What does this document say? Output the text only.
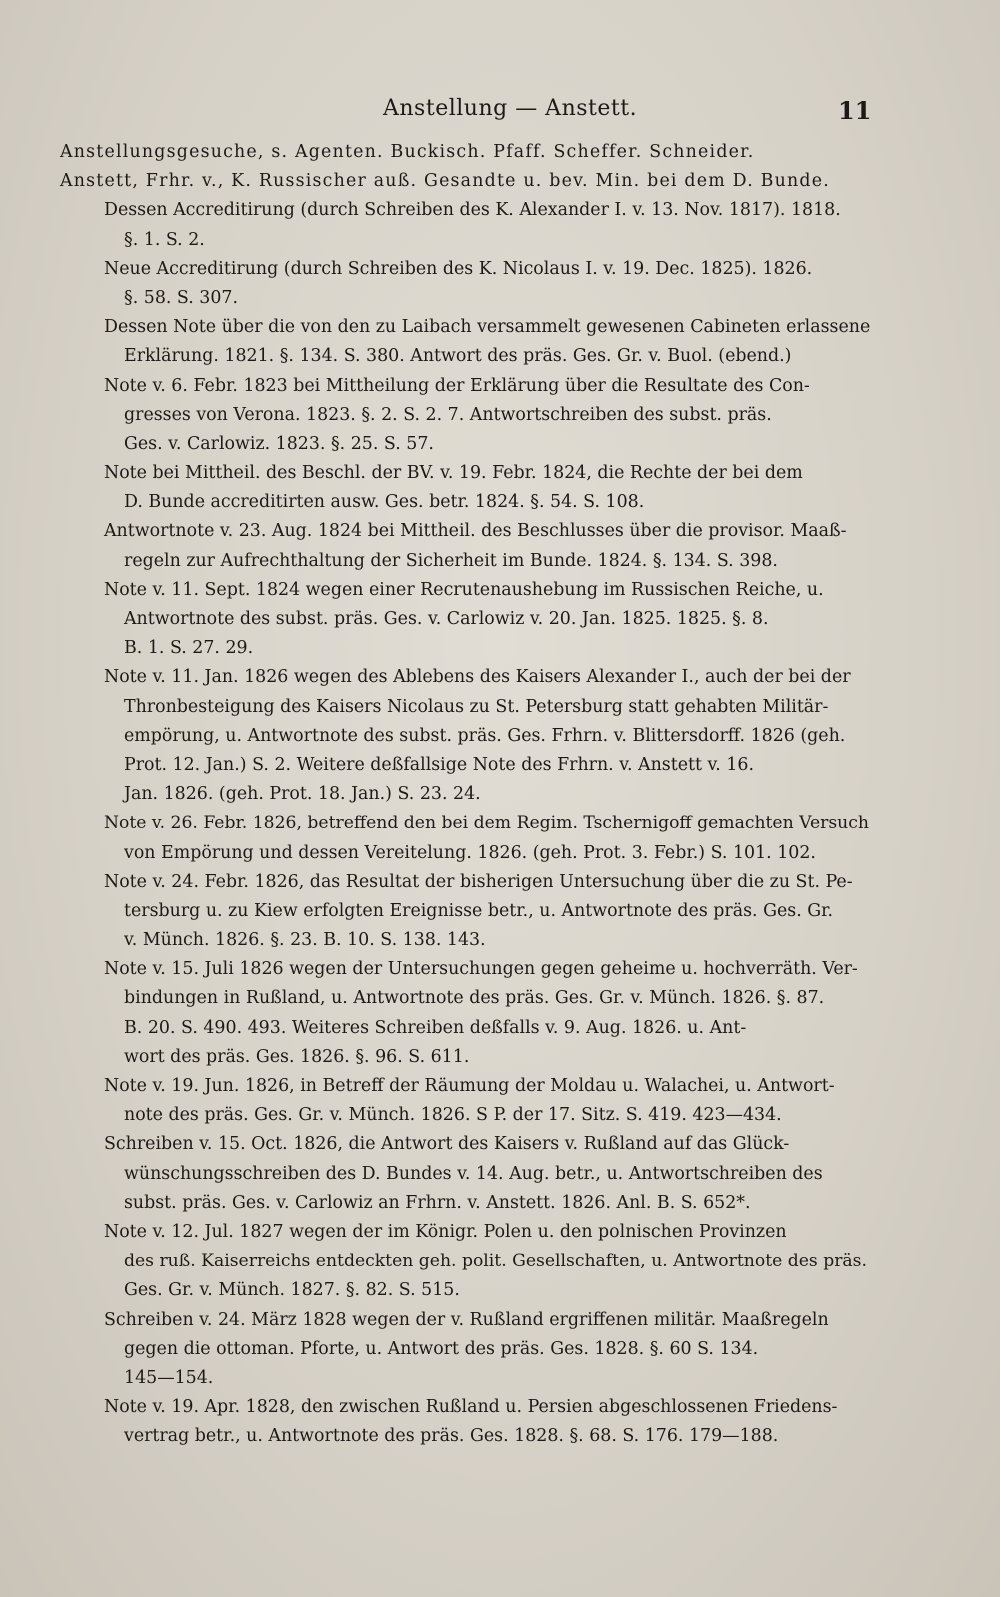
Anstellung — Anstett.	11
Anstellungsgesuche, s. Agenten. Buckisch. Pfaff. Scheffer. Schneider.
Anstett, Frhr. v., K. Russischer auß. Gesandte u. bev. Min. bei dem D. Bunde.
Dessen Accreditirung (durch Schreiben des K. Alexander I. v. 13. Nov. 1817). 1818.
§. 1. S. 2.
Neue Accreditirung (durch Schreiben des K. Nicolaus I. v. 19. Dec. 1825). 1826.
§. 58. S. 307.
Dessen Note über die von den zu Laibach versammelt gewesenen Cabineten erlassene
Erklärung. 1821. §. 134. S. 380. Antwort des präs. Ges. Gr. v. Buol. (ebend.)
Note v. 6. Febr. 1823 bei Mittheilung der Erklärung über die Resultate des Con-
gresses von Verona. 1823. §. 2. S. 2. 7. Antwortschreiben des subst. präs.
Ges. v. Carlowiz. 1823. §. 25. S. 57.
Note bei Mittheil. des Beschl. der BV. v. 19. Febr. 1824, die Rechte der bei dem
D. Bunde accreditirten ausw. Ges. betr. 1824. §. 54. S. 108.
Antwortnote v. 23. Aug. 1824 bei Mittheil. des Beschlusses über die provisor. Maaß-
regeln zur Aufrechthaltung der Sicherheit im Bunde. 1824. §. 134. S. 398.
Note v. 11. Sept. 1824 wegen einer Recrutenaushebung im Russischen Reiche, u.
Antwortnote des subst. präs. Ges. v. Carlowiz v. 20. Jan. 1825. 1825. §. 8.
B. 1. S. 27. 29.
Note v. 11. Jan. 1826 wegen des Ablebens des Kaisers Alexander I., auch der bei der
Thronbesteigung des Kaisers Nicolaus zu St. Petersburg statt gehabten Militär-
empörung, u. Antwortnote des subst. präs. Ges. Frhrn. v. Blittersdorff. 1826 (geh.
Prot. 12. Jan.) S. 2. Weitere deßfallsige Note des Frhrn. v. Anstett v. 16.
Jan. 1826. (geh. Prot. 18. Jan.) S. 23. 24.
Note v. 26. Febr. 1826, betreffend den bei dem Regim. Tschernigoff gemachten Versuch
von Empörung und dessen Vereitelung. 1826. (geh. Prot. 3. Febr.) S. 101. 102.
Note v. 24. Febr. 1826, das Resultat der bisherigen Untersuchung über die zu St. Pe-
tersburg u. zu Kiew erfolgten Ereignisse betr., u. Antwortnote des präs. Ges. Gr.
v. Münch. 1826. §. 23. B. 10. S. 138. 143.
Note v. 15. Juli 1826 wegen der Untersuchungen gegen geheime u. hochverräth. Ver-
bindungen in Rußland, u. Antwortnote des präs. Ges. Gr. v. Münch. 1826. §. 87.
B. 20. S. 490. 493. Weiteres Schreiben deßfalls v. 9. Aug. 1826. u. Ant-
wort des präs. Ges. 1826. §. 96. S. 611.
Note v. 19. Jun. 1826, in Betreff der Räumung der Moldau u. Walachei, u. Antwort-
note des präs. Ges. Gr. v. Münch. 1826. S P. der 17. Sitz. S. 419. 423—434.
Schreiben v. 15. Oct. 1826, die Antwort des Kaisers v. Rußland auf das Glück-
wünschungsschreiben des D. Bundes v. 14. Aug. betr., u. Antwortschreiben des
subst. präs. Ges. v. Carlowiz an Frhrn. v. Anstett. 1826. Anl. B. S. 652*.
Note v. 12. Jul. 1827 wegen der im Königr. Polen u. den polnischen Provinzen
des ruß. Kaiserreichs entdeckten geh. polit. Gesellschaften, u. Antwortnote des präs.
Ges. Gr. v. Münch. 1827. §. 82. S. 515.
Schreiben v. 24. März 1828 wegen der v. Rußland ergriffenen militär. Maaßregeln
gegen die ottoman. Pforte, u. Antwort des präs. Ges. 1828. §. 60 S. 134.
145—154.
Note v. 19. Apr. 1828, den zwischen Rußland u. Persien abgeschlossenen Friedens-
vertrag betr., u. Antwortnote des präs. Ges. 1828. §. 68. S. 176. 179—188.
